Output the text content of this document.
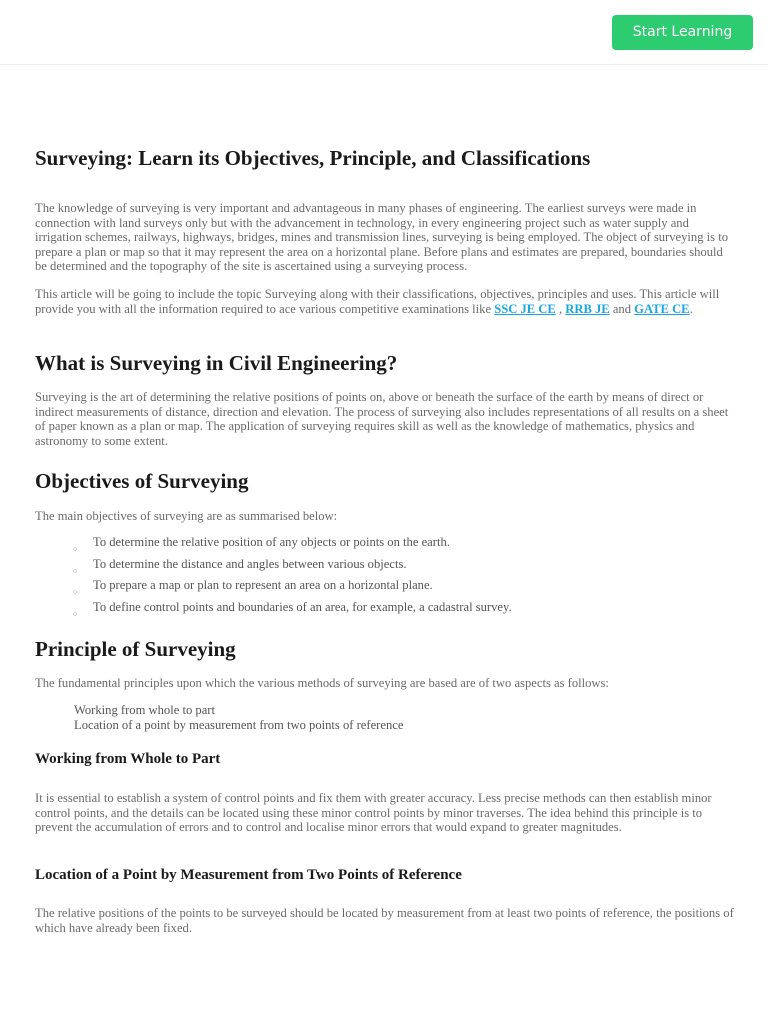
Start Learning
Surveying: Learn its Objectives, Principle, and Classifications

The knowledge of surveying is very important and advantageous in many phases of engineering. The earliest surveys were made in connection with land surveys only but with the advancement in technology, in every engineering project such as water supply and irrigation schemes, railways, highways, bridges, mines and transmission lines, surveying is being employed. The object of surveying is to prepare a plan or map so that it may represent the area on a horizontal plane. Before plans and estimates are prepared, boundaries should be determined and the topography of the site is ascertained using a surveying process.

This article will be going to include the topic Surveying along with their classifications, objectives, principles and uses. This article will provide you with all the information required to ace various competitive examinations like SSC JE CE , RRB JE and GATE CE.

What is Surveying in Civil Engineering?

Surveying is the art of determining the relative positions of points on, above or beneath the surface of the earth by means of direct or indirect measurements of distance, direction and elevation. The process of surveying also includes representations of all results on a sheet of paper known as a plan or map. The application of surveying requires skill as well as the knowledge of mathematics, physics and astronomy to some extent.

Objectives of Surveying

The main objectives of surveying are as summarised below:

○ To determine the relative position of any objects or points on the earth.
○ To determine the distance and angles between various objects.
○ To prepare a map or plan to represent an area on a horizontal plane.
○ To define control points and boundaries of an area, for example, a cadastral survey.
Principle of Surveying

The fundamental principles upon which the various methods of surveying are based are of two aspects as follows:

Working from whole to part
Location of a point by measurement from two points of reference
Working from Whole to Part

It is essential to establish a system of control points and fix them with greater accuracy. Less precise methods can then establish minor control points, and the details can be located using these minor control points by minor traverses. The idea behind this principle is to prevent the accumulation of errors and to control and localise minor errors that would expand to greater magnitudes.

Location of a Point by Measurement from Two Points of Reference

The relative positions of the points to be surveyed should be located by measurement from at least two points of reference, the positions of which have already been fixed.
